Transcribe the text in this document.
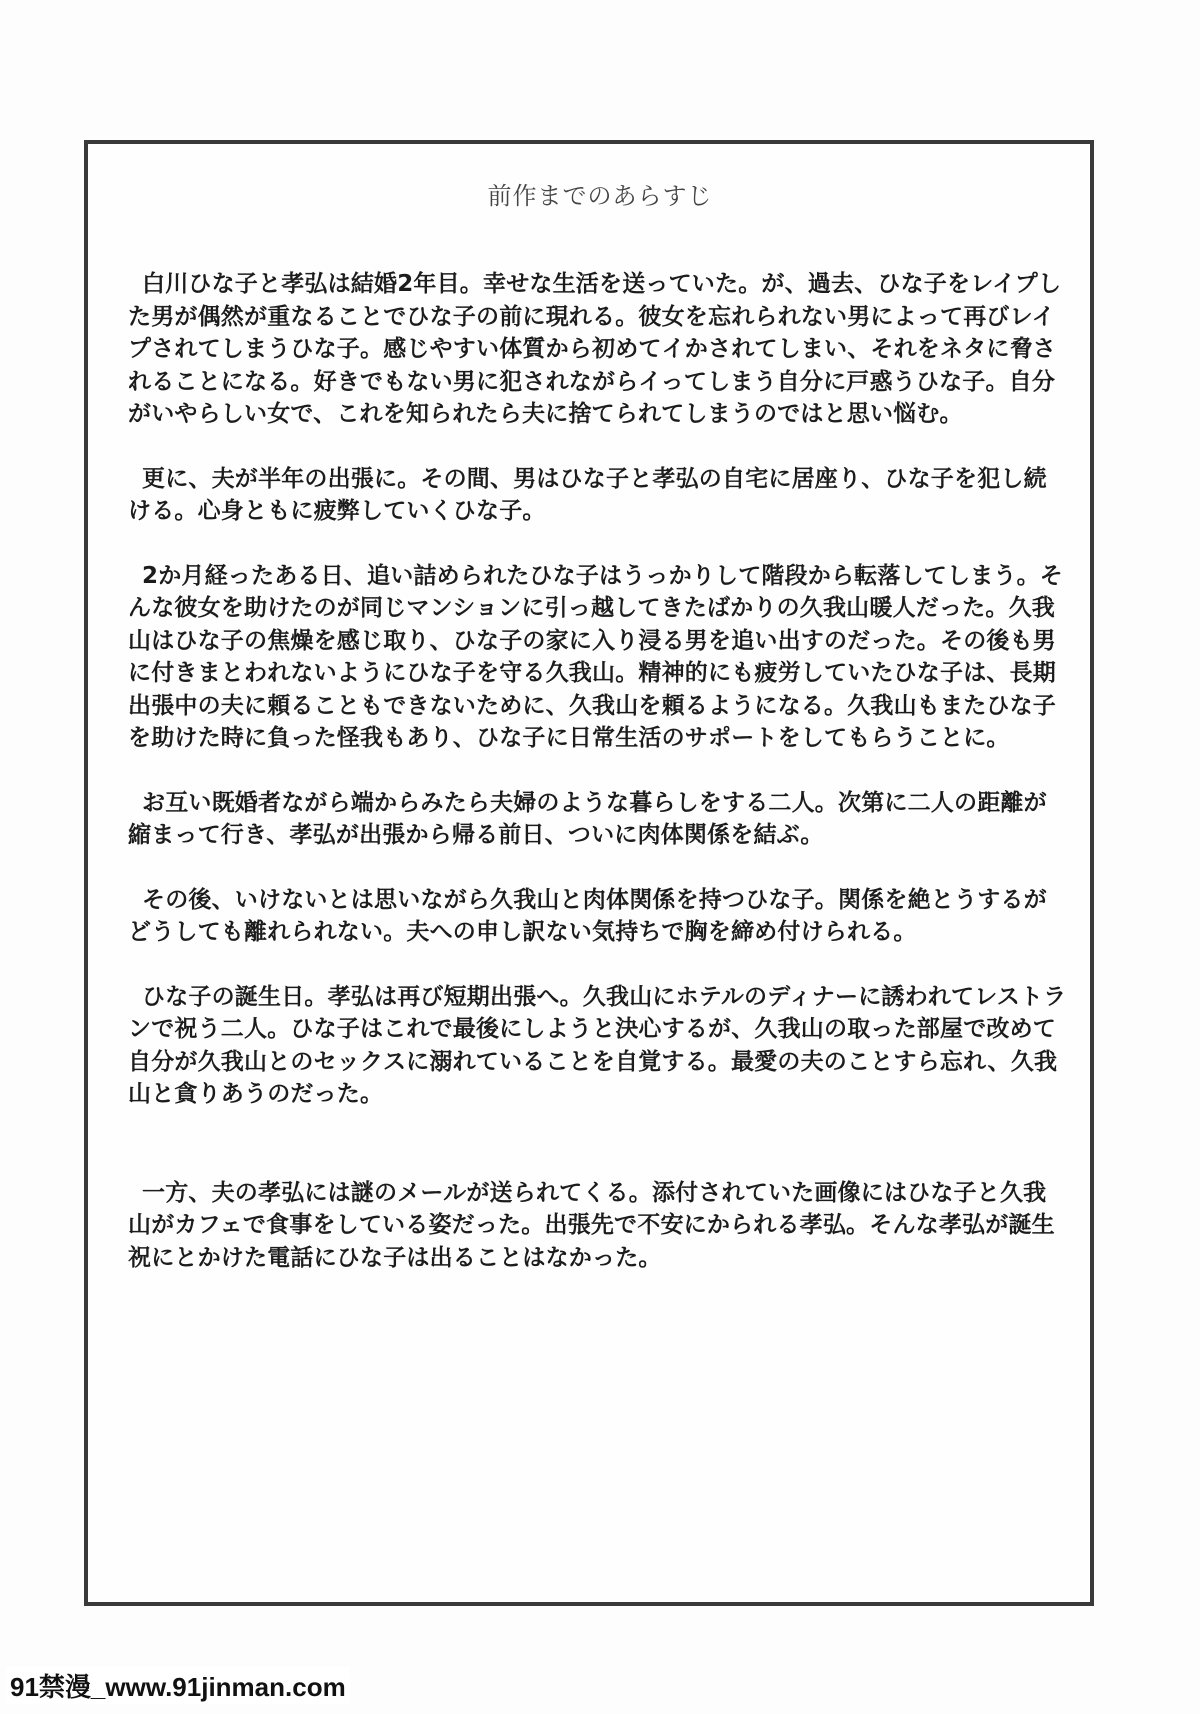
前作までのあらすじ

白川ひな子と孝弘は結婚2年目。幸せな生活を送っていた。が、過去、ひな子をレイプした男が偶然が重なることでひな子の前に現れる。彼女を忘れられない男によって再びレイプされてしまうひな子。感じやすい体質から初めてイかされてしまい、それをネタに脅されることになる。好きでもない男に犯されながらイってしまう自分に戸惑うひな子。自分がいやらしい女で、これを知られたら夫に捨てられてしまうのではと思い悩む。

更に、夫が半年の出張に。その間、男はひな子と孝弘の自宅に居座り、ひな子を犯し続ける。心身ともに疲弊していくひな子。

2か月経ったある日、追い詰められたひな子はうっかりして階段から転落してしまう。そんな彼女を助けたのが同じマンションに引っ越してきたばかりの久我山暖人だった。久我山はひな子の焦燥を感じ取り、ひな子の家に入り浸る男を追い出すのだった。その後も男に付きまとわれないようにひな子を守る久我山。精神的にも疲労していたひな子は、長期出張中の夫に頼ることもできないために、久我山を頼るようになる。久我山もまたひな子を助けた時に負った怪我もあり、ひな子に日常生活のサポートをしてもらうことに。

お互い既婚者ながら端からみたら夫婦のような暮らしをする二人。次第に二人の距離が縮まって行き、孝弘が出張から帰る前日、ついに肉体関係を結ぶ。

その後、いけないとは思いながら久我山と肉体関係を持つひな子。関係を絶とうするがどうしても離れられない。夫への申し訳ない気持ちで胸を締め付けられる。

ひな子の誕生日。孝弘は再び短期出張へ。久我山にホテルのディナーに誘われてレストランで祝う二人。ひな子はこれで最後にしようと決心するが、久我山の取った部屋で改めて自分が久我山とのセックスに溺れていることを自覚する。最愛の夫のことすら忘れ、久我山と貪りあうのだった。

一方、夫の孝弘には謎のメールが送られてくる。添付されていた画像にはひな子と久我山がカフェで食事をしている姿だった。出張先で不安にかられる孝弘。そんな孝弘が誕生祝にとかけた電話にひな子は出ることはなかった。

91禁漫_www.91jinman.com
